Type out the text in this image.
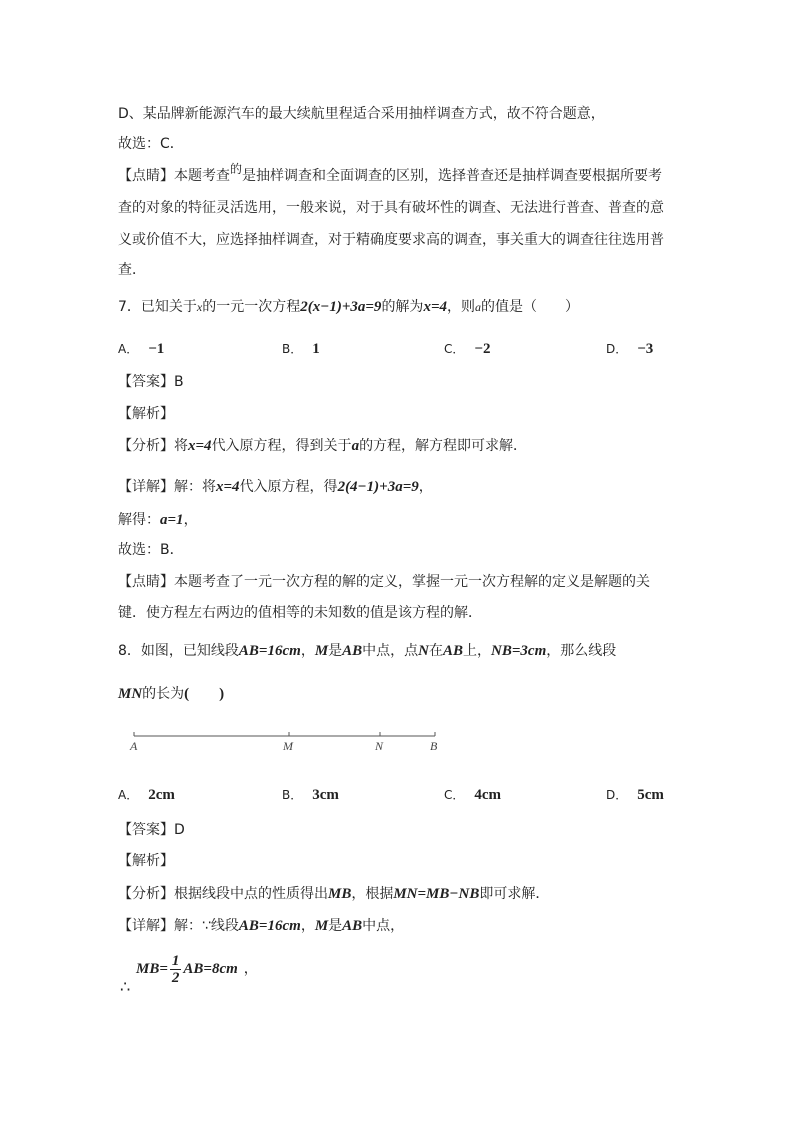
D、某品牌新能源汽车的最大续航里程适合采用抽样调查方式，故不符合题意，
故选：C．
【点睛】本题考查的是抽样调查和全面调查的区别，选择普查还是抽样调查要根据所要考
查的对象的特征灵活选用，一般来说，对于具有破坏性的调查、无法进行普查、普查的意
义或价值不大，应选择抽样调查，对于精确度要求高的调查，事关重大的调查往往选用普
查．
7．已知关于x的一元一次方程2(x−1)+3a=9的解为x=4，则a的值是（　　）
A． −1	B． 1	C． −2	D． −3
【答案】B
【解析】
【分析】将x=4代入原方程，得到关于a的方程，解方程即可求解．
【详解】解：将x=4代入原方程，得2(4−1)+3a=9，
解得：a=1，
故选：B．
【点睛】本题考查了一元一次方程的解的定义，掌握一元一次方程解的定义是解题的关
键．使方程左右两边的值相等的未知数的值是该方程的解．
8．如图，已知线段AB=16cm，M是AB中点，点N在AB上，NB=3cm，那么线段
MN的长为(　　)
A	M	N	B
A． 2cm	B． 3cm	C． 4cm	D． 5cm
【答案】D
【解析】
【分析】根据线段中点的性质得出MB，根据MN=MB−NB即可求解．
【详解】解：∵线段AB=16cm，M是AB中点，
∴
$MB= \frac{1}{2} AB=8cm$ ，
